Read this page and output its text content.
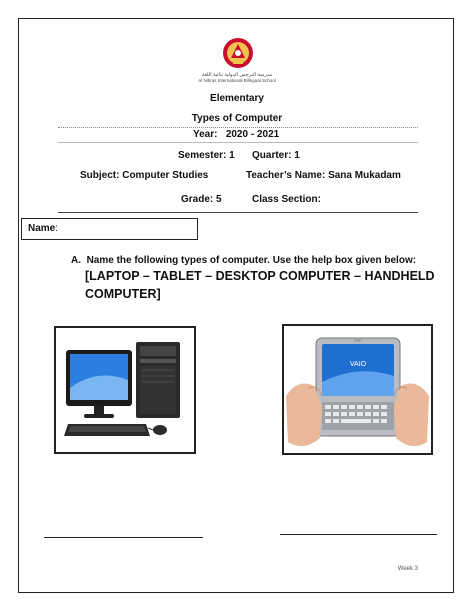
مدرسة النرجس الدولية ثنائية اللغة
Al Nibras International Bilingual School
Elementary
Types of Computer
Year: 2020 - 2021
Semester: 1 Quarter: 1
Subject: Computer Studies	Teacher’s Name: Sana Mukadam
Grade: 5	Class Section:
Name:
A. Name the following types of computer. Use the help box given below:
[LAPTOP – TABLET – DESKTOP COMPUTER – HANDHELD
COMPUTER]
VAIO
SONY
Week 3
